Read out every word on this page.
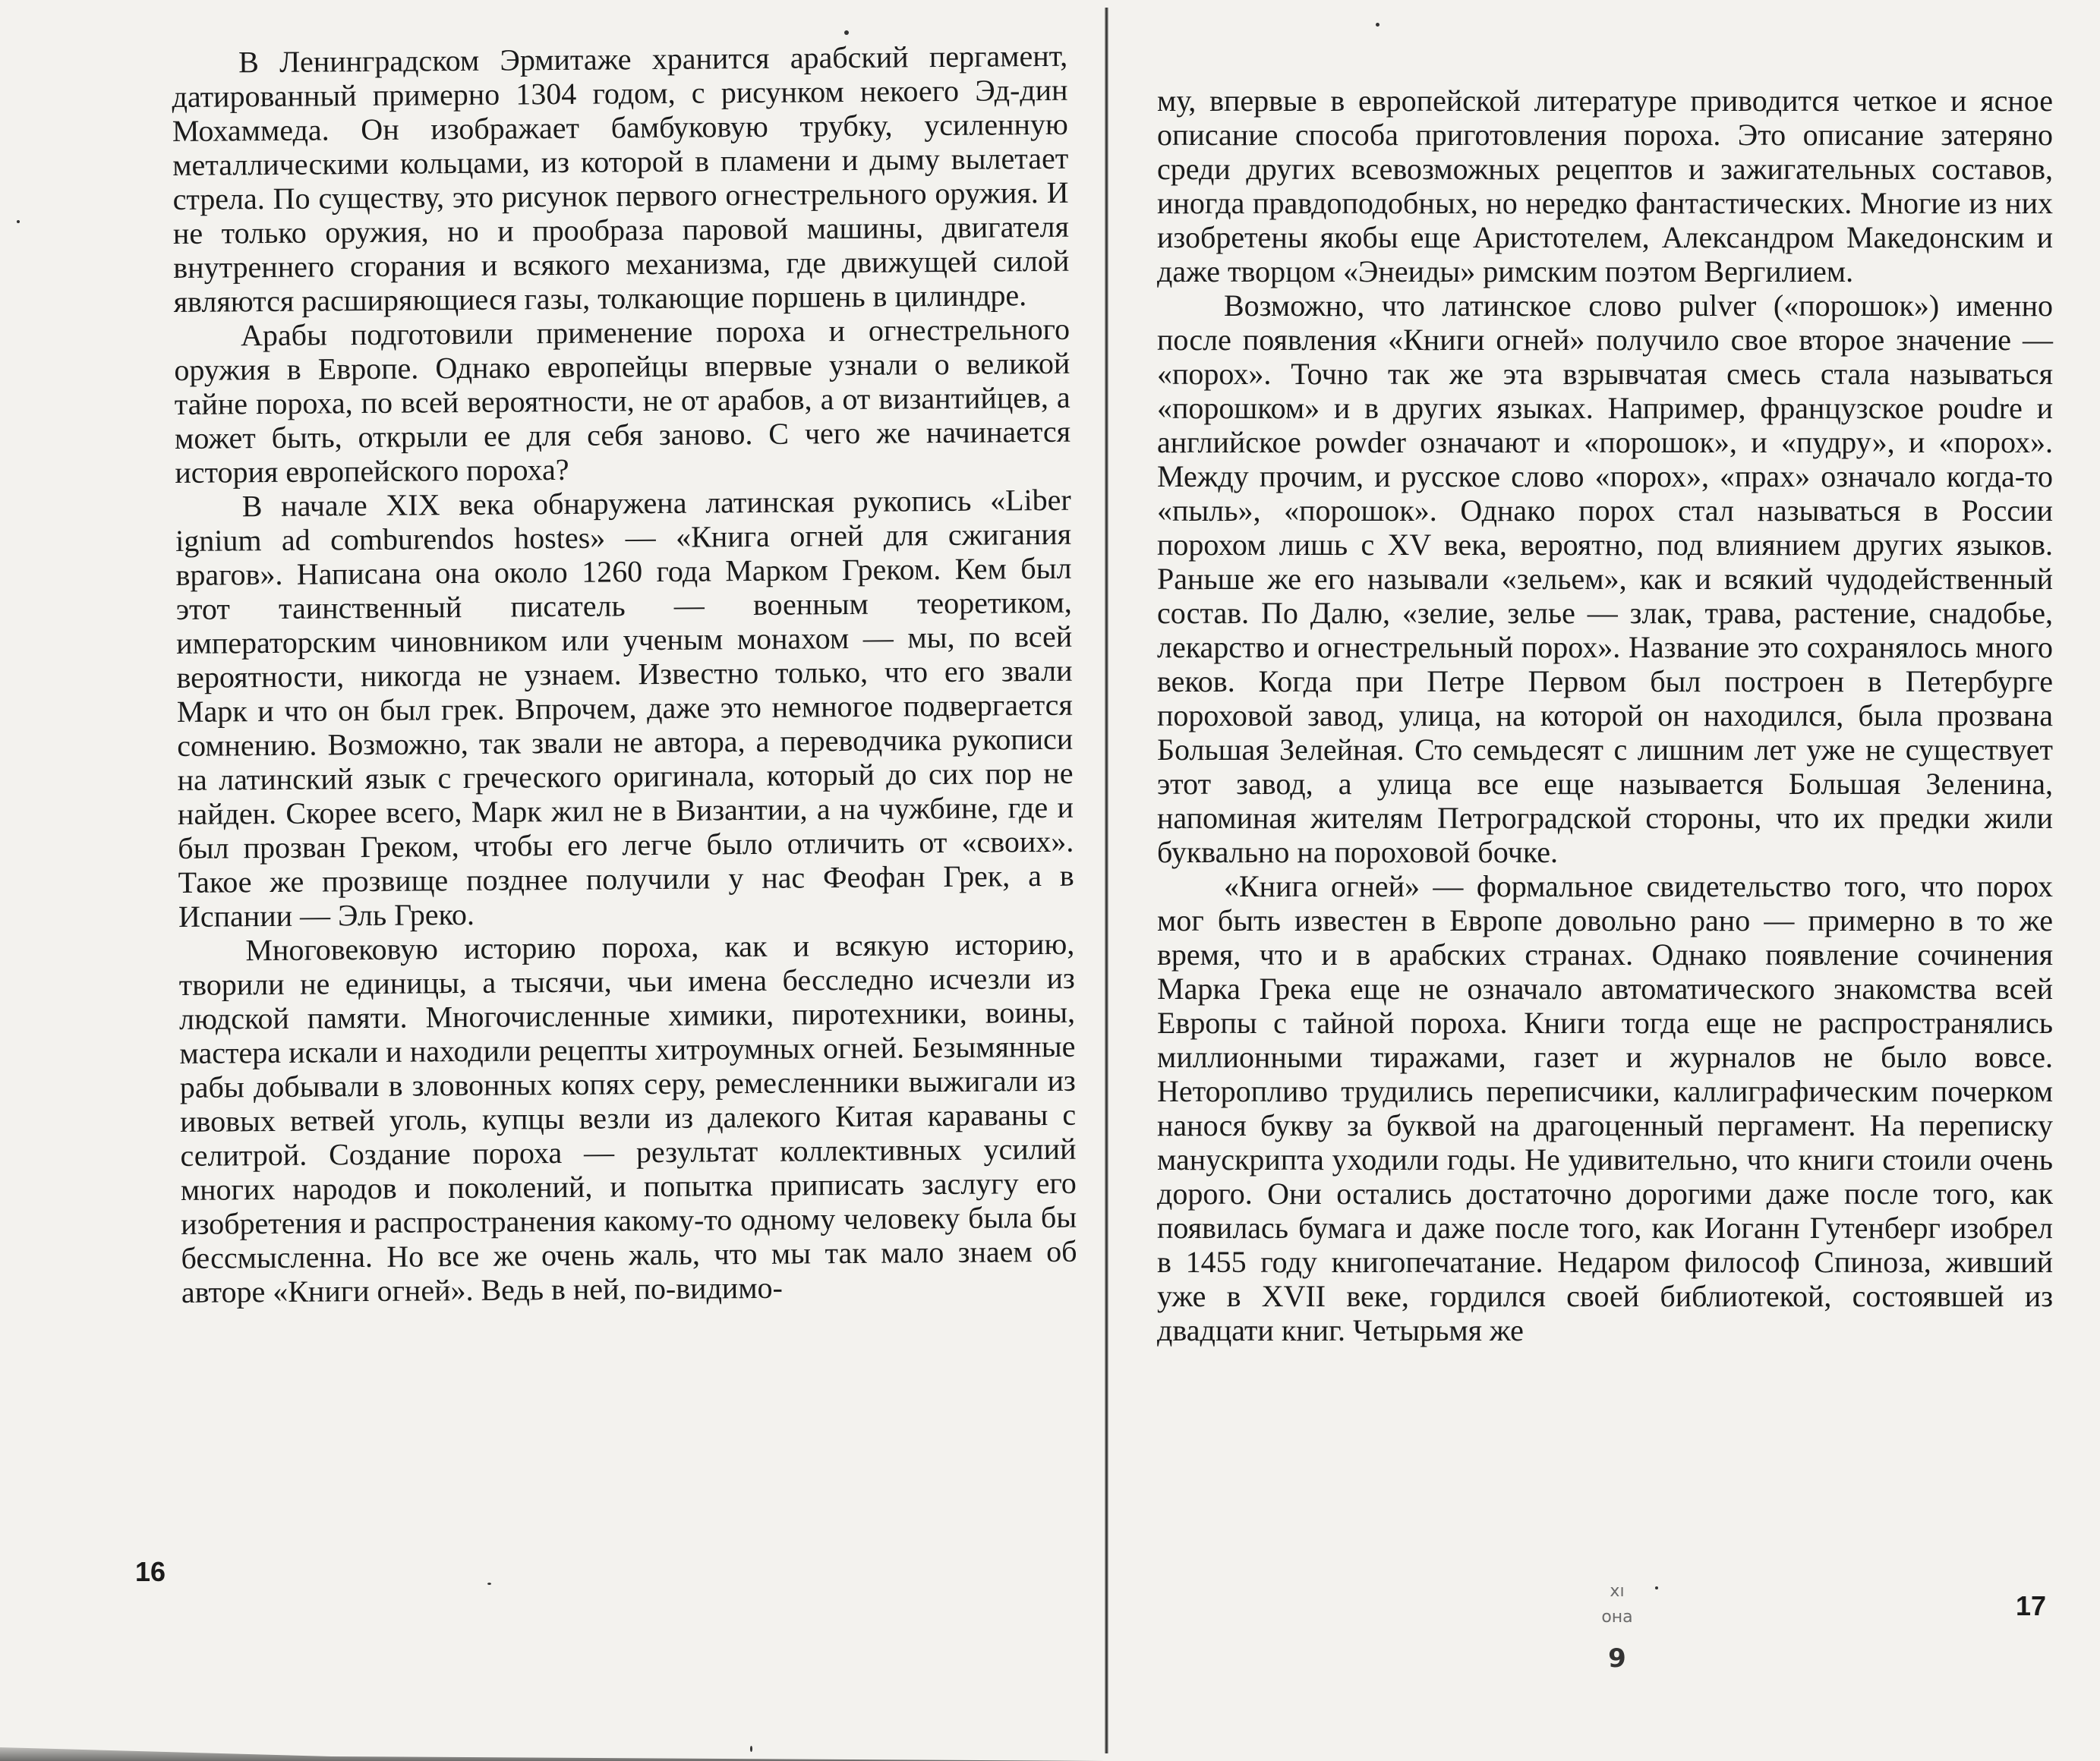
В Ленинградском Эрмитаже хранится арабский пергамент, датированный примерно 1304 годом, с рисунком некоего Эд-дин Мохаммеда. Он изображает бамбуковую трубку, усиленную металлическими кольцами, из которой в пламени и дыму вылетает стрела. По существу, это рисунок первого огнестрельного оружия. И не только оружия, но и прообраза паровой машины, двигателя внутреннего сгорания и всякого механизма, где движущей силой являются расширяющиеся газы, толкающие поршень в цилиндре.

Арабы подготовили применение пороха и огнестрельного оружия в Европе. Однако европейцы впервые узнали о великой тайне пороха, по всей вероятности, не от арабов, а от византийцев, а может быть, открыли ее для себя заново. С чего же начинается история европейского пороха?

В начале XIX века обнаружена латинская рукопись «Liber ignium ad comburendos hostes» — «Книга огней для сжигания врагов». Написана она около 1260 года Марком Греком. Кем был этот таинственный писатель — военным теоретиком, императорским чиновником или ученым монахом — мы, по всей вероятности, никогда не узнаем. Известно только, что его звали Марк и что он был грек. Впрочем, даже это немногое подвергается сомнению. Возможно, так звали не автора, а переводчика рукописи на латинский язык с греческого оригинала, который до сих пор не найден. Скорее всего, Марк жил не в Византии, а на чужбине, где и был прозван Греком, чтобы его легче было отличить от «своих». Такое же прозвище позднее получили у нас Феофан Грек, а в Испании — Эль Греко.

Многовековую историю пороха, как и всякую историю, творили не единицы, а тысячи, чьи имена бесследно исчезли из людской памяти. Многочисленные химики, пиротехники, воины, мастера искали и находили рецепты хитроумных огней. Безымянные рабы добывали в зловонных копях серу, ремесленники выжигали из ивовых ветвей уголь, купцы везли из далекого Китая караваны с селитрой. Создание пороха — результат коллективных усилий многих народов и поколений, и попытка приписать заслугу его изобретения и распространения какому-то одному человеку была бы бессмысленна. Но все же очень жаль, что мы так мало знаем об авторе «Книги огней». Ведь в ней, по-видимо-

16

му, впервые в европейской литературе приводится четкое и ясное описание способа приготовления пороха. Это описание затеряно среди других всевозможных рецептов и зажигательных составов, иногда правдоподобных, но нередко фантастических. Многие из них изобретены якобы еще Аристотелем, Александром Македонским и даже творцом «Энеиды» римским поэтом Вергилием.

Возможно, что латинское слово pulver («порошок») именно после появления «Книги огней» получило свое второе значение — «порох». Точно так же эта взрывчатая смесь стала называться «порошком» и в других языках. Например, французское poudre и английское powder означают и «порошок», и «пудру», и «порох». Между прочим, и русское слово «порох», «прах» означало когда-то «пыль», «порошок». Однако порох стал называться в России порохом лишь с XV века, вероятно, под влиянием других языков. Раньше же его называли «зельем», как и всякий чудодейственный состав. По Далю, «зелие, зелье — злак, трава, растение, снадобье, лекарство и огнестрельный порох». Название это сохранялось много веков. Когда при Петре Первом был построен в Петербурге пороховой завод, улица, на которой он находился, была прозвана Большая Зелейная. Сто семьдесят с лишним лет уже не существует этот завод, а улица все еще называется Большая Зеленина, напоминая жителям Петроградской стороны, что их предки жили буквально на пороховой бочке.

«Книга огней» — формальное свидетельство того, что порох мог быть известен в Европе довольно рано — примерно в то же время, что и в арабских странах. Однако появление сочинения Марка Грека еще не означало автоматического знакомства всей Европы с тайной пороха. Книги тогда еще не распространялись миллионными тиражами, газет и журналов не было вовсе. Неторопливо трудились переписчики, каллиграфическим почерком нанося букву за буквой на драгоценный пергамент. На переписку манускрипта уходили годы. Не удивительно, что книги стоили очень дорого. Они остались достаточно дорогими даже после того, как появилась бумага и даже после того, как Иоганн Гутенберг изобрел в 1455 году книгопечатание. Недаром философ Спиноза, живший уже в XVII веке, гордился своей библиотекой, состоявшей из двадцати книг. Четырьмя же

17
хı
онa
9
